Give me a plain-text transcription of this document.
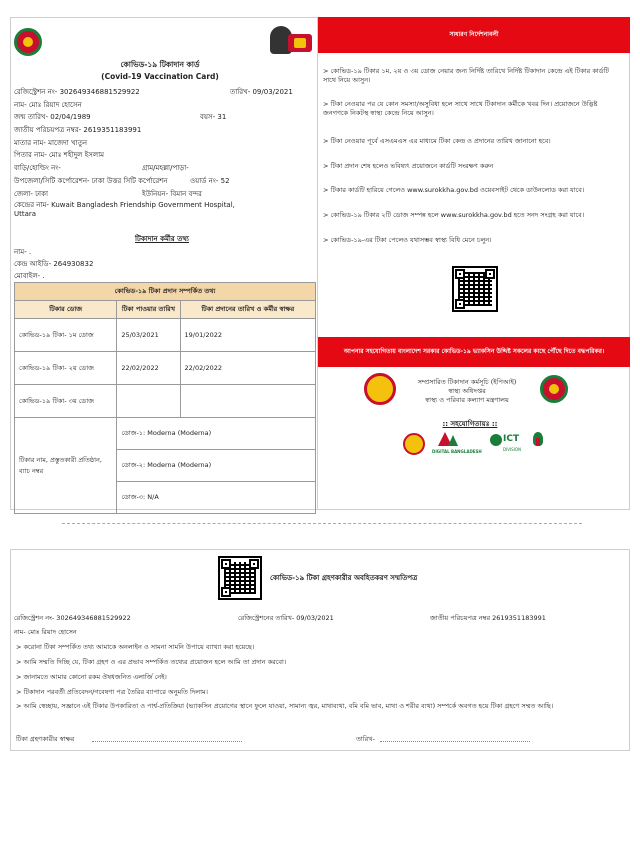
কোভিড-১৯ টিকাদান কার্ড
(Covid-19 Vaccination Card)
রেজিস্ট্রেশন নং- 302649346881529922	তারিখ- 09/03/2021
নাম- মোঃ রিয়াদ হোসেন
জন্ম তারিখ- 02/04/1989	বয়স- 31
জাতীয় পরিচয়পত্র নম্বর- 2619351183991
মাতার নাম- মাজেদা খাতুন
পিতার নাম- মোঃ শহীদুল ইসলাম
বাড়ি/হোল্ডিং নং-	গ্রাম/মহল্লা/পাড়া-
উপজেলা/সিটি কর্পোরেশন- ঢাকা উত্তর সিটি কর্পোরেশন	ওয়ার্ড নং- 52
জেলা- ঢাকা	ইউনিয়ন- বিমান বন্দর
কেন্দ্রের নাম- Kuwait Bangladesh Friendship Government Hospital, Uttara
টিকাদান কর্মীর তথ্য
নাম- .
কেন্দ্র আইডি- 264930832
মোবাইল- .
কোভিড-১৯ টিকা প্রদান সম্পর্কিত তথ্য		
টিকার ডোজ	টিকা পাওয়ার তারিখ	টিকা প্রদানের তারিখ ও কর্মীর স্বাক্ষর
কোভিড-১৯ টিকা- ১ম ডোজ	25/03/2021	19/01/2022
কোভিড-১৯ টিকা- ২য় ডোজ	22/02/2022	22/02/2022
কোভিড-১৯ টিকা- ৩য় ডোজ		
টিকার নাম, প্রস্তুতকারী প্রতিষ্ঠান, ব্যাচ নম্বর	ডোজ-১: Moderna (Moderna)	
	ডোজ-২: Moderna (Moderna)	
	ডোজ-৩: N/A	
সাধারণ নির্দেশনাবলী
> কোভিড-১৯ টিকার ১ম, ২য় ও ৩য় ডোজ নেয়ার জন্য নির্দিষ্ট তারিখে নির্দিষ্ট টিকাদান কেন্দ্রে এই টিকার কার্ডটি সাথে নিয়ে আসুন।
> টিকা নেওয়ার পর যে কোন সমস্যা/অসুবিধা হলে সাথে সাথে টিকাদান কর্মীকে খবর দিন। প্রয়োজনে উদ্ভিষ্ট জনগণকে নিকটস্থ স্বাস্থ্য কেন্দ্রে নিয়ে আসুন।
> টিকা নেওয়ার পূর্বে এসএমএস এর মাধ্যমে টিকা কেন্দ্র ও প্রদানের তারিখ জানানো হবে।
> টিকা প্রদান শেষ হলেও ভবিষ্যৎ প্রয়োজনে কার্ডটি সংরক্ষণ করুন
> টিকার কার্ডটি হারিয়ে গেলেও www.surokkha.gov.bd ওয়েবসাইট থেকে ডাউনলোড করা যাবে।
> কোভিড-১৯ টিকার ২টি ডোজ সম্পন্ন হলে www.surokkha.gov.bd হতে সনদ সংগ্রহ করা যাবে।
> কোভিড-১৯-এর টিকা পেলেও যথাসম্ভব স্বাস্থ্য বিধি মেনে চলুন।
আপনার সহযোগিতায় বাংলাদেশ সরকার কোভিড-১৯ ভ্যাকসিন উদ্দিষ্ট সকলের কাছে পৌঁছে দিতে বদ্ধপরিকর।
সম্প্রসারিত টিকাদান কর্মসূচি (ইপিআই)
স্বাস্থ্য অধিদপ্তর
স্বাস্থ্য ও পরিবার কল্যাণ মন্ত্রণালয়
:: সহযোগিতায়ঃ ::
DIGITAL BANGLADESH
ICT
DIVISION
কোভিড-১৯ টিকা গ্রহণকারীর অবহিতকরণ সম্মতিপত্র
রেজিস্ট্রেশন নং- 302649346881529922	রেজিস্ট্রেশনের তারিখ- 09/03/2021	জাতীয় পরিচয়পত্র নম্বর 2619351183991
নাম- মোঃ রিয়াদ হোসেন
> করোনা টিকা সম্পর্কিত তথ্য আমাকে অনলাইন ও সামনা সামনি উপায়ে ব্যাখ্যা করা হয়েছে।
> আমি সম্মতি দিচ্ছি যে, টিকা গ্রহণ ও এর প্রভাব সম্পর্কিত তথ্যের প্রয়োজন হলে আমি তা প্রদান করবো।
> জানামতে আমার কোনো রকম ঔষধজনিত এলার্জি নেই।
> টিকাদান পরবর্তী প্রতিবেদন/গবেষণা পত্র তৈরির ব্যাপারে অনুমতি দিলাম।
> আমি স্বেচ্ছায়, সজ্ঞানে এই টিকার উপকারিতা ও পার্শ্ব-প্রতিক্রিয়া (ভ্যাকসিন প্রয়োগের স্থানে ফুলে যাওয়া, সামান্য জ্বর, মাথাব্যথা, বমি বমি ভাব, মাথা ও শরীর ব্যথা) সম্পর্কে অবগত হয়ে টিকা গ্রহণে সম্মত আছি।
টিকা গ্রহণকারীর স্বাক্ষর	তারিখ-
